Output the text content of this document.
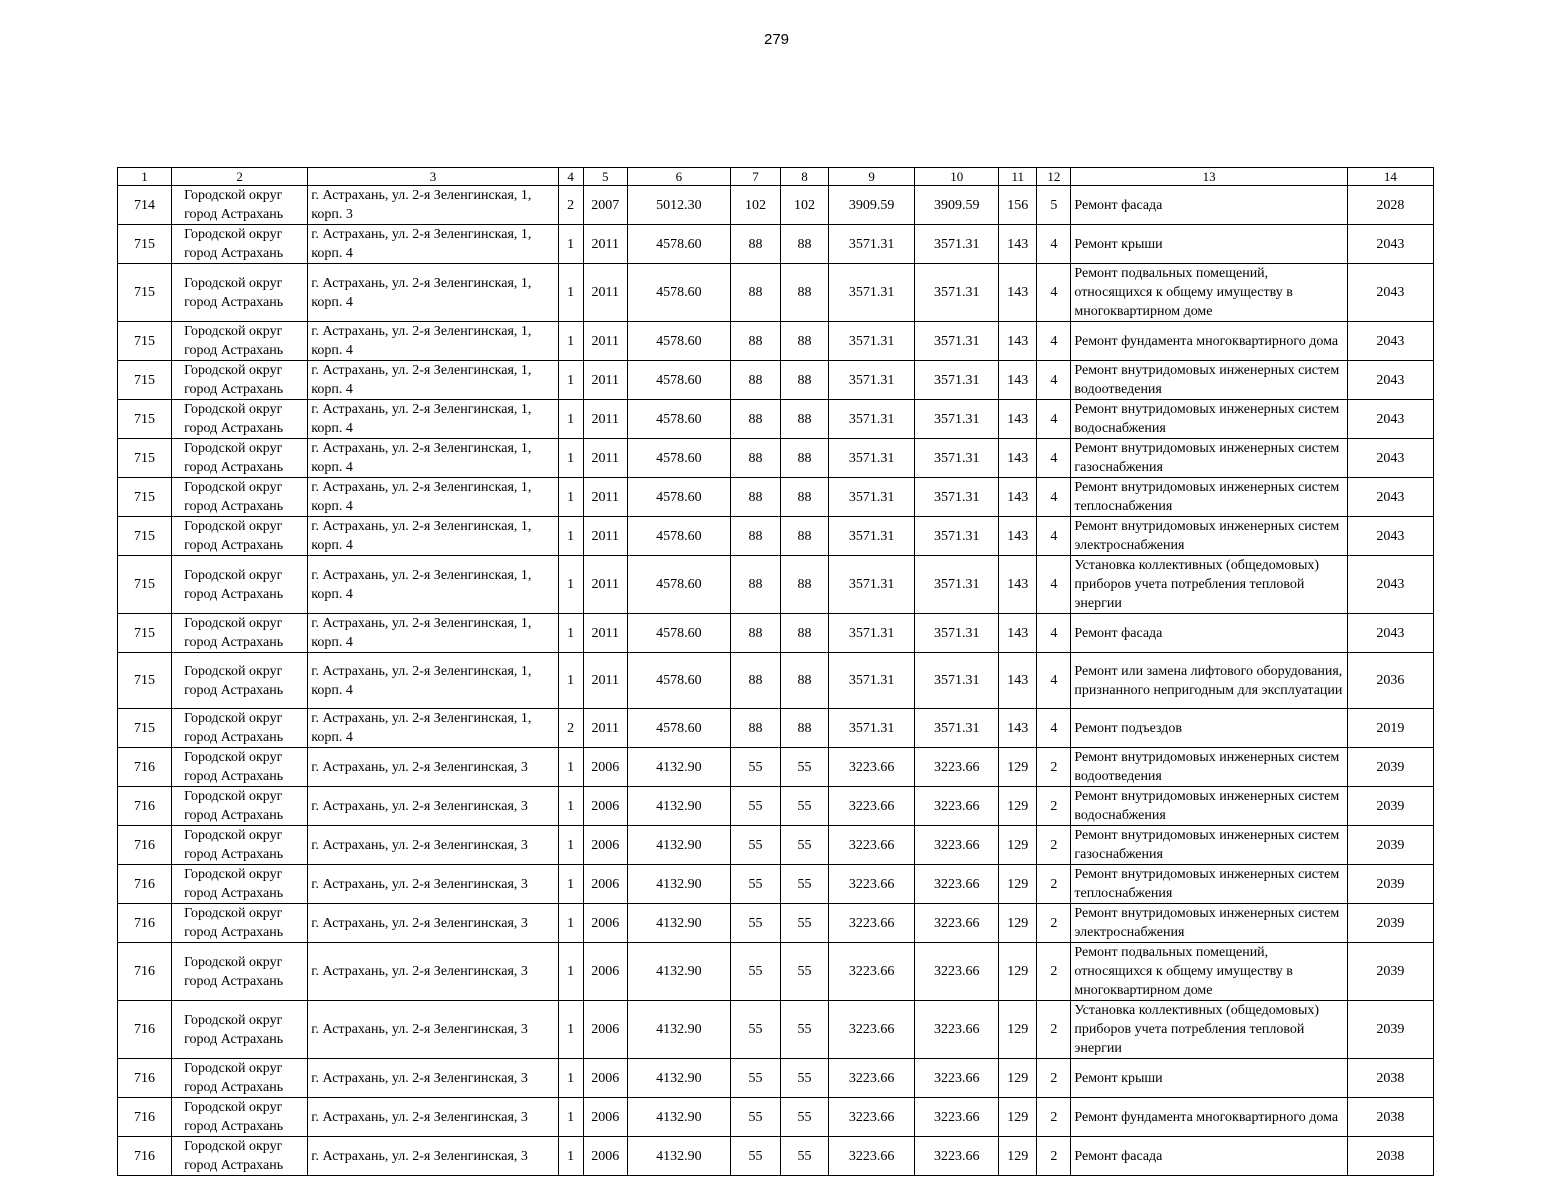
279
1	2	3	4	5	6	7	8	9	10	11	12	13	14
714	Городской округ город Астрахань	г. Астрахань, ул. 2-я Зеленгинская, 1, корп. 3	2	2007	5012.30	102	102	3909.59	3909.59	156	5	Ремонт фасада	2028
715	Городской округ город Астрахань	г. Астрахань, ул. 2-я Зеленгинская, 1, корп. 4	1	2011	4578.60	88	88	3571.31	3571.31	143	4	Ремонт крыши	2043
715	Городской округ город Астрахань	г. Астрахань, ул. 2-я Зеленгинская, 1, корп. 4	1	2011	4578.60	88	88	3571.31	3571.31	143	4	Ремонт подвальных помещений, относящихся к общему имуществу в многоквартирном доме	2043
715	Городской округ город Астрахань	г. Астрахань, ул. 2-я Зеленгинская, 1, корп. 4	1	2011	4578.60	88	88	3571.31	3571.31	143	4	Ремонт фундамента многоквартирного дома	2043
715	Городской округ город Астрахань	г. Астрахань, ул. 2-я Зеленгинская, 1, корп. 4	1	2011	4578.60	88	88	3571.31	3571.31	143	4	Ремонт внутридомовых инженерных систем водоотведения	2043
715	Городской округ город Астрахань	г. Астрахань, ул. 2-я Зеленгинская, 1, корп. 4	1	2011	4578.60	88	88	3571.31	3571.31	143	4	Ремонт внутридомовых инженерных систем водоснабжения	2043
715	Городской округ город Астрахань	г. Астрахань, ул. 2-я Зеленгинская, 1, корп. 4	1	2011	4578.60	88	88	3571.31	3571.31	143	4	Ремонт внутридомовых инженерных систем газоснабжения	2043
715	Городской округ город Астрахань	г. Астрахань, ул. 2-я Зеленгинская, 1, корп. 4	1	2011	4578.60	88	88	3571.31	3571.31	143	4	Ремонт внутридомовых инженерных систем теплоснабжения	2043
715	Городской округ город Астрахань	г. Астрахань, ул. 2-я Зеленгинская, 1, корп. 4	1	2011	4578.60	88	88	3571.31	3571.31	143	4	Ремонт внутридомовых инженерных систем электроснабжения	2043
715	Городской округ город Астрахань	г. Астрахань, ул. 2-я Зеленгинская, 1, корп. 4	1	2011	4578.60	88	88	3571.31	3571.31	143	4	Установка коллективных (общедомовых) приборов учета потребления тепловой энергии	2043
715	Городской округ город Астрахань	г. Астрахань, ул. 2-я Зеленгинская, 1, корп. 4	1	2011	4578.60	88	88	3571.31	3571.31	143	4	Ремонт фасада	2043
715	Городской округ город Астрахань	г. Астрахань, ул. 2-я Зеленгинская, 1, корп. 4	1	2011	4578.60	88	88	3571.31	3571.31	143	4	Ремонт или замена лифтового оборудования, признанного непригодным для эксплуатации	2036
715	Городской округ город Астрахань	г. Астрахань, ул. 2-я Зеленгинская, 1, корп. 4	2	2011	4578.60	88	88	3571.31	3571.31	143	4	Ремонт подъездов	2019
716	Городской округ город Астрахань	г. Астрахань, ул. 2-я Зеленгинская, 3	1	2006	4132.90	55	55	3223.66	3223.66	129	2	Ремонт внутридомовых инженерных систем водоотведения	2039
716	Городской округ город Астрахань	г. Астрахань, ул. 2-я Зеленгинская, 3	1	2006	4132.90	55	55	3223.66	3223.66	129	2	Ремонт внутридомовых инженерных систем водоснабжения	2039
716	Городской округ город Астрахань	г. Астрахань, ул. 2-я Зеленгинская, 3	1	2006	4132.90	55	55	3223.66	3223.66	129	2	Ремонт внутридомовых инженерных систем газоснабжения	2039
716	Городской округ город Астрахань	г. Астрахань, ул. 2-я Зеленгинская, 3	1	2006	4132.90	55	55	3223.66	3223.66	129	2	Ремонт внутридомовых инженерных систем теплоснабжения	2039
716	Городской округ город Астрахань	г. Астрахань, ул. 2-я Зеленгинская, 3	1	2006	4132.90	55	55	3223.66	3223.66	129	2	Ремонт внутридомовых инженерных систем электроснабжения	2039
716	Городской округ город Астрахань	г. Астрахань, ул. 2-я Зеленгинская, 3	1	2006	4132.90	55	55	3223.66	3223.66	129	2	Ремонт подвальных помещений, относящихся к общему имуществу в многоквартирном доме	2039
716	Городской округ город Астрахань	г. Астрахань, ул. 2-я Зеленгинская, 3	1	2006	4132.90	55	55	3223.66	3223.66	129	2	Установка коллективных (общедомовых) приборов учета потребления тепловой энергии	2039
716	Городской округ город Астрахань	г. Астрахань, ул. 2-я Зеленгинская, 3	1	2006	4132.90	55	55	3223.66	3223.66	129	2	Ремонт крыши	2038
716	Городской округ город Астрахань	г. Астрахань, ул. 2-я Зеленгинская, 3	1	2006	4132.90	55	55	3223.66	3223.66	129	2	Ремонт фундамента многоквартирного дома	2038
716	Городской округ город Астрахань	г. Астрахань, ул. 2-я Зеленгинская, 3	1	2006	4132.90	55	55	3223.66	3223.66	129	2	Ремонт фасада	2038
